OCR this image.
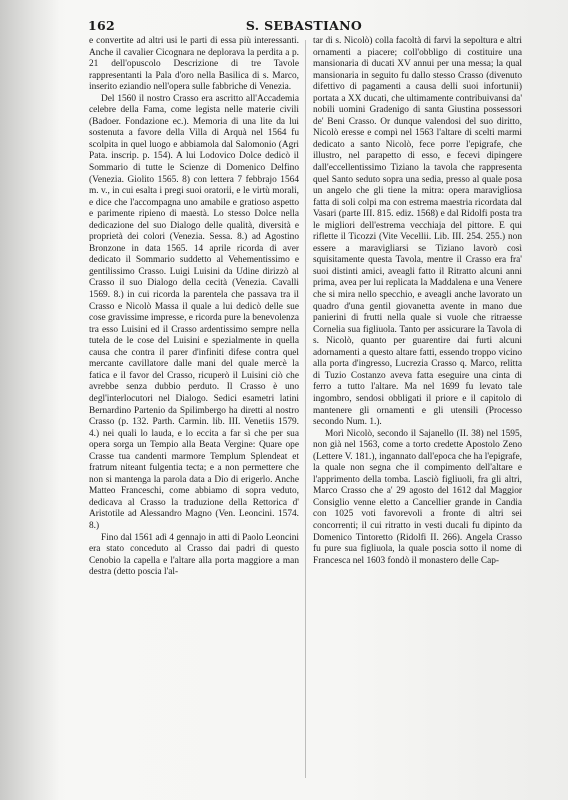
162	S. SEBASTIANO

e convertite ad altri usi le parti di essa più interessanti. Anche il cavalier Cicognara ne deplorava la perdita a p. 21 dell'opuscolo Descrizione di tre Tavole rappresentanti la Pala d'oro nella Basilica di s. Marco, inserito eziandio nell'opera sulle fabbriche di Venezia.

Del 1560 il nostro Crasso era ascritto all'Accademia celebre della Fama, come legista nelle materie civili (Badoer. Fondazione ec.). Memoria di una lite da lui sostenuta a favore della Villa di Arquà nel 1564 fu scolpita in quel luogo e abbiamola dal Salomonio (Agri Pata. inscrip. p. 154). A lui Lodovico Dolce dedicò il Sommario di tutte le Scienze di Domenico Delfino (Venezia. Giolito 1565. 8) con lettera 7 febbrajo 1564 m. v., in cui esalta i pregi suoi oratorii, e le virtù morali, e dice che l'accompagna uno amabile e gratioso aspetto e parimente ripieno di maestà. Lo stesso Dolce nella dedicazione del suo Dialogo delle qualità, diversità e proprietà dei colori (Venezia. Sessa. 8.) ad Agostino Bronzone in data 1565. 14 aprile ricorda di aver dedicato il Sommario suddetto al Vehementissimo e gentilissimo Crasso. Luigi Luisini da Udine dirizzò al Crasso il suo Dialogo della cecità (Venezia. Cavalli 1569. 8.) in cui ricorda la parentela che passava tra il Crasso e Nicolò Massa il quale a lui dedicò delle sue cose gravissime impresse, e ricorda pure la benevolenza tra esso Luisini ed il Crasso ardentissimo sempre nella tutela de le cose del Luisini e spezialmente in quella causa che contra il parer d'infiniti difese contra quel mercante cavillatore dalle mani del quale mercè la fatica e il favor del Crasso, ricuperò il Luisini ciò che avrebbe senza dubbio perduto. Il Crasso è uno degl'interlocutori nel Dialogo. Sedici esametri latini Bernardino Partenio da Spilimbergo ha diretti al nostro Crasso (p. 132. Parth. Carmin. lib. III. Venetiis 1579. 4.) nei quali lo lauda, e lo eccita a far sì che per sua opera sorga un Tempio alla Beata Vergine: Quare ope Crasse tua candenti marmore Templum Splendeat et fratrum niteant fulgentia tecta; e a non permettere che non si mantenga la parola data a Dio di erigerlo. Anche Matteo Franceschi, come abbiamo di sopra veduto, dedicava al Crasso la traduzione della Rettorica d' Aristotile ad Alessandro Magno (Ven. Leoncini. 1574. 8.)

Fino dal 1561 adì 4 gennajo in atti di Paolo Leoncini era stato conceduto al Crasso dai padri di questo Cenobio la capella e l'altare alla porta maggiore a man destra (detto poscia l'al-

tar di s. Nicolò) colla facoltà di farvi la sepoltura e altri ornamenti a piacere; coll'obbligo di costituire una mansionaria di ducati XV annui per una messa; la qual mansionaria in seguito fu dallo stesso Crasso (divenuto difettivo di pagamenti a causa delli suoi infortunii) portata a XX ducati, che ultimamente contribuivansi da' nobili uomini Gradenigo di santa Giustina possessori de' Beni Crasso. Or dunque valendosi del suo diritto, Nicolò eresse e compì nel 1563 l'altare di scelti marmi dedicato a santo Nicolò, fece porre l'epigrafe, che illustro, nel parapetto di esso, e fecevi dipingere dall'eccellentissimo Tiziano la tavola che rappresenta quel Santo seduto sopra una sedia, presso al quale posa un angelo che gli tiene la mitra: opera maravigliosa fatta di soli colpi ma con estrema maestria ricordata dal Vasari (parte III. 815. ediz. 1568) e dal Ridolfi posta tra le migliori dell'estrema vecchiaja del pittore. E qui riflette il Ticozzi (Vite Vecellii. Lib. III. 254. 255.) non essere a maravigliarsi se Tiziano lavorò così squisitamente questa Tavola, mentre il Crasso era fra' suoi distinti amici, aveagli fatto il Ritratto alcuni anni prima, avea per lui replicata la Maddalena e una Venere che si mira nello specchio, e aveagli anche lavorato un quadro d'una gentil giovanetta avente in mano due panierini di frutti nella quale si vuole che ritraesse Cornelia sua figliuola. Tanto per assicurare la Tavola di s. Nicolò, quanto per guarentire dai furti alcuni adornamenti a questo altare fatti, essendo troppo vicino alla porta d'ingresso, Lucrezia Crasso q. Marco, relitta di Tuzio Costanzo aveva fatta eseguire una cinta di ferro a tutto l'altare. Ma nel 1699 fu levato tale ingombro, sendosi obbligati il priore e il capitolo di mantenere gli ornamenti e gli utensili (Processo secondo Num. 1.).

Morì Nicolò, secondo il Sajanello (II. 38) nel 1595, non già nel 1563, come a torto credette Apostolo Zeno (Lettere V. 181.), ingannato dall'epoca che ha l'epigrafe, la quale non segna che il compimento dell'altare e l'apprimento della tomba. Lasciò figliuoli, fra gli altri, Marco Crasso che a' 29 agosto del 1612 dal Maggior Consiglio venne eletto a Cancellier grande in Candia con 1025 voti favorevoli a fronte di altri sei concorrenti; il cui ritratto in vesti ducali fu dipinto da Domenico Tintoretto (Ridolfi II. 266). Angela Crasso fu pure sua figliuola, la quale poscia sotto il nome di Francesca nel 1603 fondò il monastero delle Cap-
